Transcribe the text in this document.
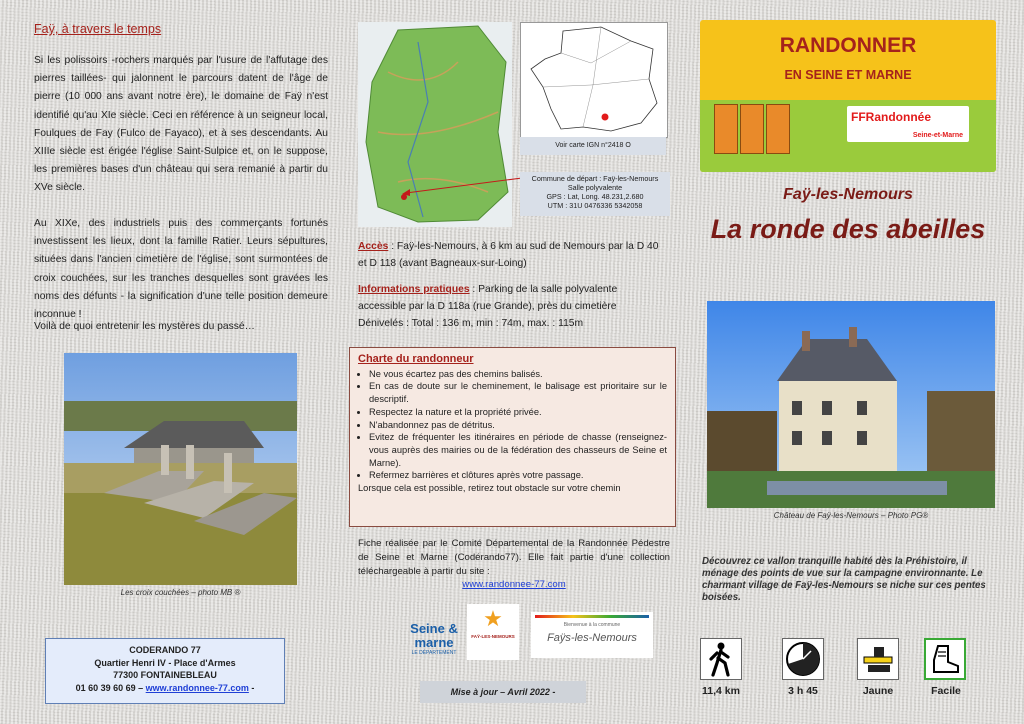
Faÿ, à travers le temps
Si les polissoirs -rochers marqués par l'usure de l'affutage des pierres taillées- qui jalonnent le parcours datent de l'âge de pierre (10 000 ans avant notre ère), le domaine de Faÿ n'est identifié qu'au XIe siècle. Ceci en référence à un seigneur local, Foulques de Fay (Fulco de Fayaco), et à ses descendants. Au XIIIe siècle est érigée l'église Saint-Sulpice et, on le suppose, les premières bases d'un château qui sera remanié à partir du XVe siècle.
Au XIXe, des industriels puis des commerçants fortunés investissent les lieux, dont la famille Ratier. Leurs sépultures, situées dans l'ancien cimetière de l'église, sont surmontées de croix couchées, sur les tranches desquelles sont gravées les noms des défunts - la signification d'une telle position demeure inconnue !
Voilà de quoi entretenir les mystères du passé…
Les croix couchées – photo MB ®
CODERANDO 77
Quartier Henri IV - Place d'Armes
77300 FONTAINEBLEAU
01 60 39 60 69 – www.randonnee-77.com -
Voir carte IGN n°2418 O
Commune de départ : Faÿ-les-Nemours
Salle polyvalente
GPS : Lat, Long. 48.231,2.680
UTM : 31U 0476336 5342058
Accès : Faÿ-les-Nemours, à 6 km au sud de Nemours par la D 40 et D 118 (avant Bagneaux-sur-Loing)
Informations pratiques : Parking de la salle polyvalente accessible par la D 118a (rue Grande), près du cimetière
Dénivelés : Total : 136 m, min : 74m, max. : 115m
Charte du randonneur
• Ne vous écartez pas des chemins balisés.
• En cas de doute sur le cheminement, le balisage est prioritaire sur le descriptif.
• Respectez la nature et la propriété privée.
• N'abandonnez pas de détritus.
• Evitez de fréquenter les itinéraires en période de chasse (renseignez-vous auprès des mairies ou de la fédération des chasseurs de Seine et Marne).
• Refermez barrières et clôtures après votre passage.
Lorsque cela est possible, retirez tout obstacle sur votre chemin
Fiche réalisée par le Comité Départemental de la Randonnée Pédestre de Seine et Marne (Codérando77). Elle fait partie d'une collection téléchargeable à partir du site :
www.randonnee-77.com
Seine & marne
LE DÉPARTEMENT
★
FAŸ-LES-NEMOURS
Bienvenue à la commune
Faÿs-les-Nemours
Mise à jour – Avril 2022 -
RANDONNER
EN SEINE ET MARNE
FFRandonnée
Seine-et-Marne
Faÿ-les-Nemours
La ronde des abeilles
Château de Faÿ-les-Nemours – Photo PG®
Découvrez ce vallon tranquille habité dès la Préhistoire, il ménage des points de vue sur la campagne environnante. Le charmant village de Faÿ-les-Nemours se niche sur ces pentes boisées.
11,4 km	3 h 45	Jaune	Facile
